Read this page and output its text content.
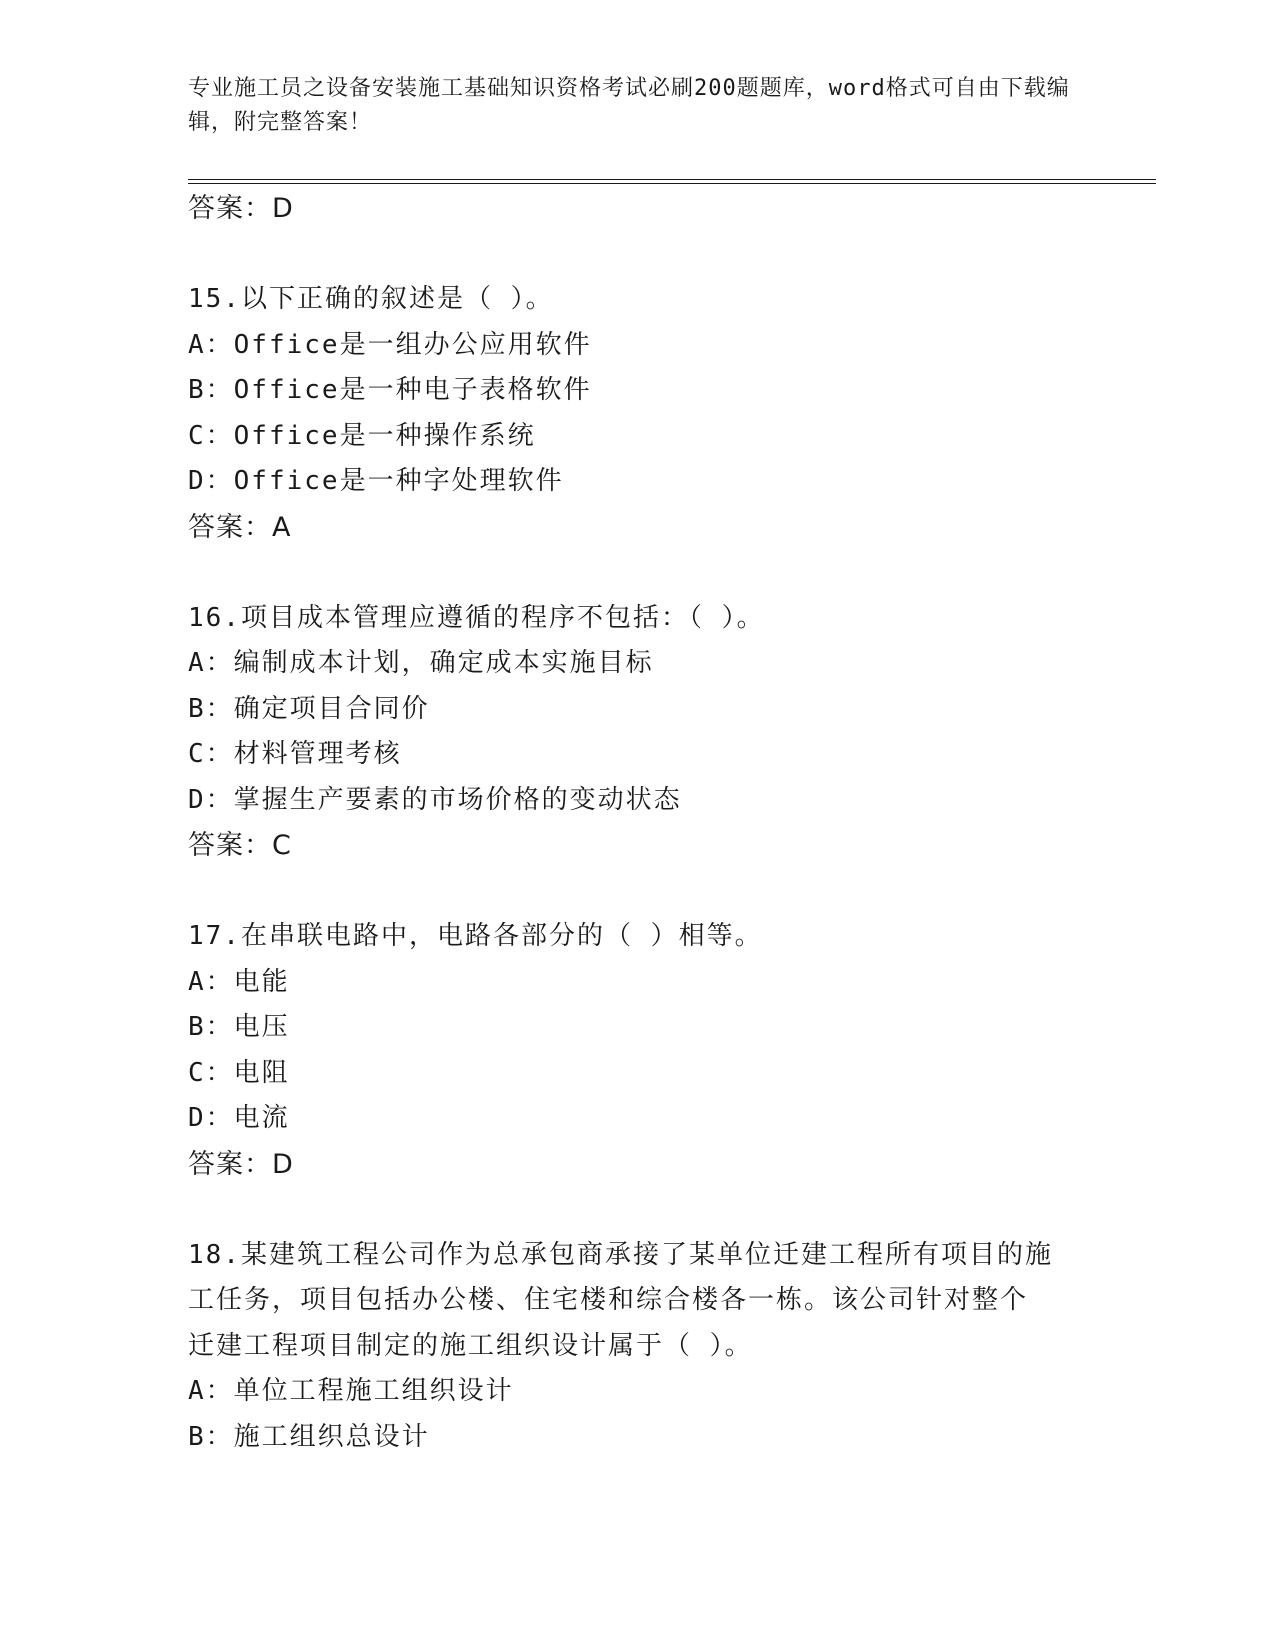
专业施工员之设备安装施工基础知识资格考试必刷200题题库，word格式可自由下载编辑，附完整答案！
答案：D
15.以下正确的叙述是（ ）。
A：Office是一组办公应用软件
B：Office是一种电子表格软件
C：Office是一种操作系统
D：Office是一种字处理软件
答案：A
16.项目成本管理应遵循的程序不包括：（ ）。
A：编制成本计划，确定成本实施目标
B：确定项目合同价
C：材料管理考核
D：掌握生产要素的市场价格的变动状态
答案：C
17.在串联电路中，电路各部分的（ ）相等。
A：电能
B：电压
C：电阻
D：电流
答案：D
18.某建筑工程公司作为总承包商承接了某单位迁建工程所有项目的施
工任务，项目包括办公楼、住宅楼和综合楼各一栋。该公司针对整个
迁建工程项目制定的施工组织设计属于（ ）。
A：单位工程施工组织设计
B：施工组织总设计
